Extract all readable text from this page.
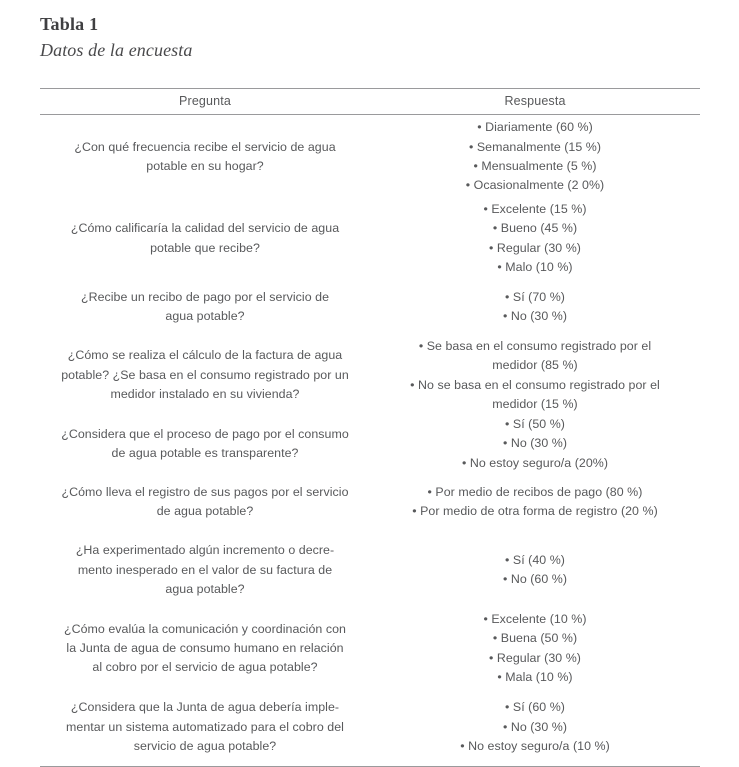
Tabla 1
Datos de la encuesta
Pregunta	Respuesta

¿Con qué frecuencia recibe el servicio de agua
potable en su hogar?	• Diariamente (60 %)
• Semanalmente (15 %)
• Mensualmente (5 %)
• Ocasionalmente (2 0%)

¿Cómo calificaría la calidad del servicio de agua
potable que recibe?	• Excelente (15 %)
• Bueno (45 %)
• Regular (30 %)
• Malo (10 %)

¿Recibe un recibo de pago por el servicio de
agua potable?	• Sí (70 %)
• No (30 %)

¿Cómo se realiza el cálculo de la factura de agua
potable? ¿Se basa en el consumo registrado por un
medidor instalado en su vivienda?	• Se basa en el consumo registrado por el
medidor (85 %)
• No se basa en el consumo registrado por el
medidor (15 %)

¿Considera que el proceso de pago por el consumo
de agua potable es transparente?	• Sí (50 %)
• No (30 %)
• No estoy seguro/a (20%)

¿Cómo lleva el registro de sus pagos por el servicio
de agua potable?	• Por medio de recibos de pago (80 %)
• Por medio de otra forma de registro (20 %)

¿Ha experimentado algún incremento o decre-
mento inesperado en el valor de su factura de
agua potable?	• Sí (40 %)
• No (60 %)

¿Cómo evalúa la comunicación y coordinación con
la Junta de agua de consumo humano en relación
al cobro por el servicio de agua potable?	• Excelente (10 %)
• Buena (50 %)
• Regular (30 %)
• Mala (10 %)

¿Considera que la Junta de agua debería imple-
mentar un sistema automatizado para el cobro del
servicio de agua potable?	• Sí (60 %)
• No (30 %)
• No estoy seguro/a (10 %)
